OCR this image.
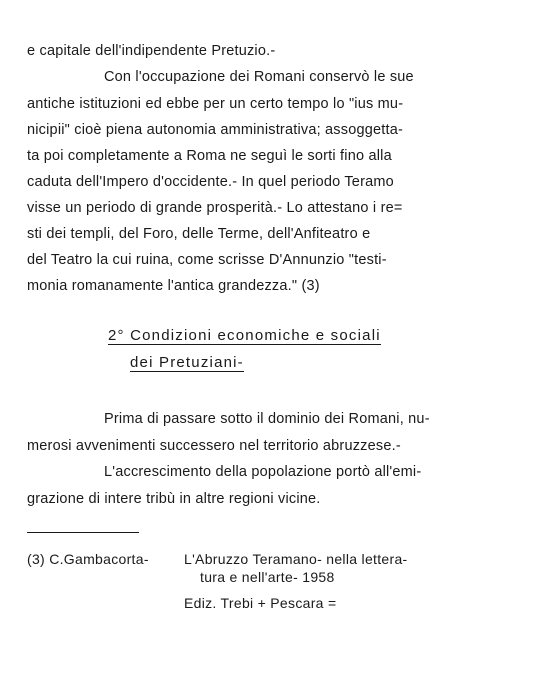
e capitale dell'indipendente Pretuzio.-
Con l'occupazione dei Romani conservò le sue
antiche istituzioni ed ebbe per un certo tempo lo "ius mu-
nicipii" cioè piena autonomia amministrativa; assoggetta-
ta poi completamente a Roma ne seguì le sorti fino alla
caduta dell'Impero d'occidente.- In quel periodo Teramo
visse un periodo di grande prosperità.- Lo attestano i re=
sti dei templi, del Foro, delle Terme, dell'Anfiteatro e
del Teatro la cui ruina, come scrisse D'Annunzio "testi-
monia romanamente l'antica grandezza." (3)
2° Condizioni economiche e sociali
dei Pretuziani-
Prima di passare sotto il dominio dei Romani, nu-
merosi avvenimenti successero nel territorio abruzzese.-
L'accrescimento della popolazione portò all'emi-
grazione di intere tribù in altre regioni vicine.
(3) C.Gambacorta-	L'Abruzzo Teramano- nella lettera-
tura e nell'arte- 1958
Ediz. Trebi + Pescara =
